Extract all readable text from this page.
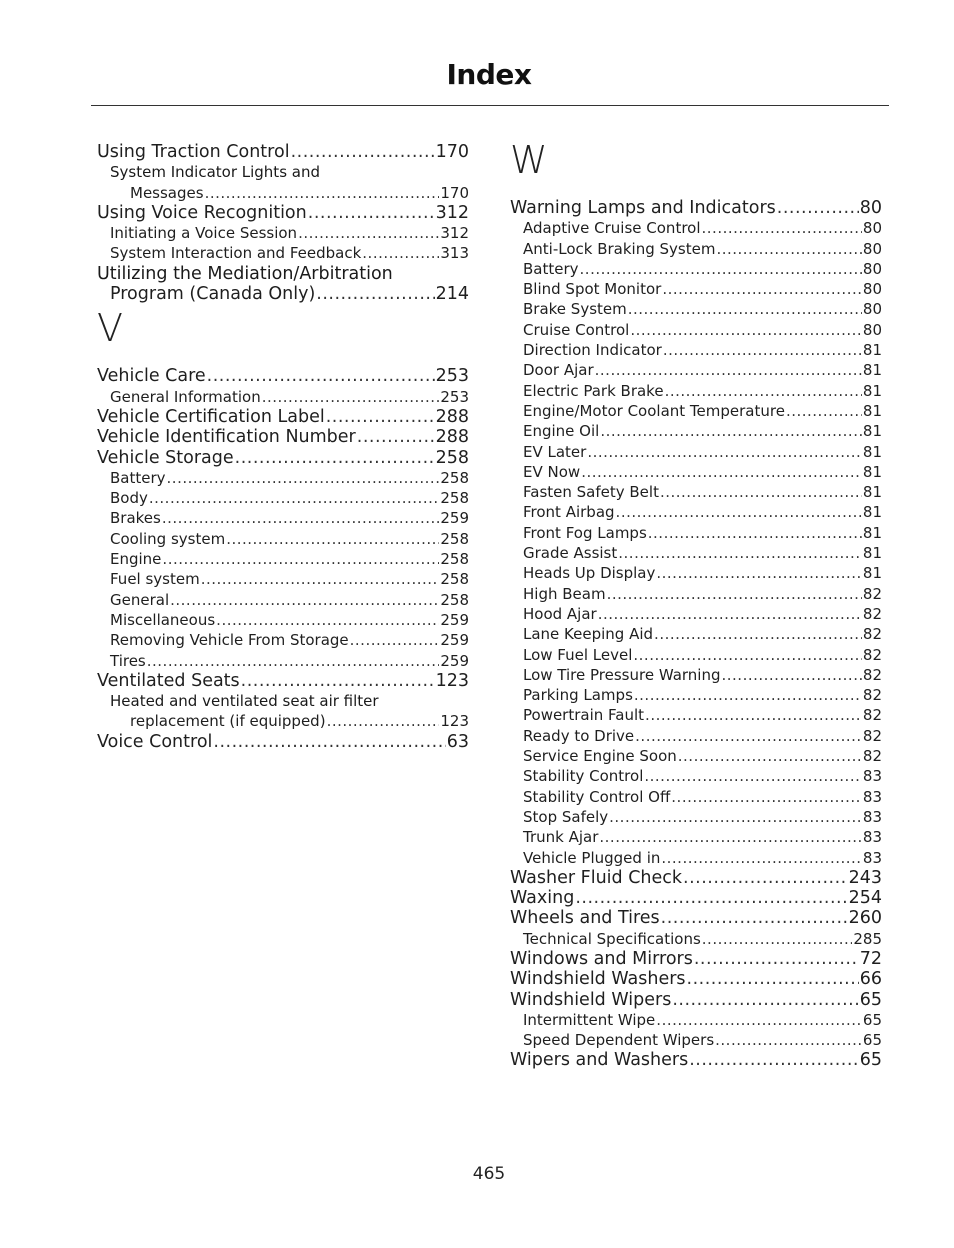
Index
Using Traction Control .....	170
System Indicator Lights and
Messages .....	170
Using Voice Recognition .....	312
Initiating a Voice Session .....	312
System Interaction and Feedback .....	313
Utilizing the Mediation/Arbitration
Program (Canada Only) .....	214
V
Vehicle Care .....	253
General Information .....	253
Vehicle Certification Label .....	288
Vehicle Identification Number .....	288
Vehicle Storage .....	258
Battery .....	258
Body .....	258
Brakes .....	259
Cooling system .....	258
Engine .....	258
Fuel system .....	258
General .....	258
Miscellaneous .....	259
Removing Vehicle From Storage .....	259
Tires .....	259
Ventilated Seats .....	123
Heated and ventilated seat air filter
replacement (if equipped) .....	123
Voice Control .....	63
W
Warning Lamps and Indicators .....	80
Adaptive Cruise Control .....	80
Anti-Lock Braking System .....	80
Battery .....	80
Blind Spot Monitor .....	80
Brake System .....	80
Cruise Control .....	80
Direction Indicator .....	81
Door Ajar .....	81
Electric Park Brake .....	81
Engine/Motor Coolant Temperature .....	81
Engine Oil .....	81
EV Later .....	81
EV Now .....	81
Fasten Safety Belt .....	81
Front Airbag .....	81
Front Fog Lamps .....	81
Grade Assist .....	81
Heads Up Display .....	81
High Beam .....	82
Hood Ajar .....	82
Lane Keeping Aid .....	82
Low Fuel Level .....	82
Low Tire Pressure Warning .....	82
Parking Lamps .....	82
Powertrain Fault .....	82
Ready to Drive .....	82
Service Engine Soon .....	82
Stability Control .....	83
Stability Control Off .....	83
Stop Safely .....	83
Trunk Ajar .....	83
Vehicle Plugged in .....	83
Washer Fluid Check .....	243
Waxing .....	254
Wheels and Tires .....	260
Technical Specifications .....	285
Windows and Mirrors .....	72
Windshield Washers .....	66
Windshield Wipers .....	65
Intermittent Wipe .....	65
Speed Dependent Wipers .....	65
Wipers and Washers .....	65
465
